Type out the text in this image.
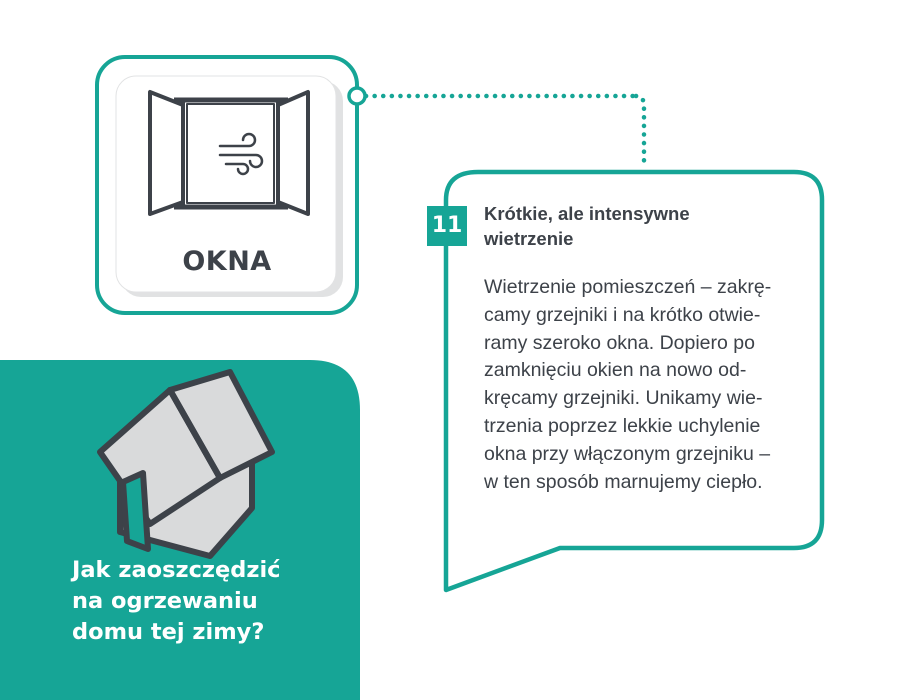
OKNA
11 Krótkie, ale intensywne wietrzenie
Wietrzenie pomieszczeń – zakrę-
camy grzejniki i na krótko otwie-
ramy szeroko okna. Dopiero po
zamknięciu okien na nowo od-
kręcamy grzejniki. Unikamy wie-
trzenia poprzez lekkie uchylenie
okna przy włączonym grzejniku –
w ten sposób marnujemy ciepło.
Jak zaoszczędzić
na ogrzewaniu
domu tej zimy?
